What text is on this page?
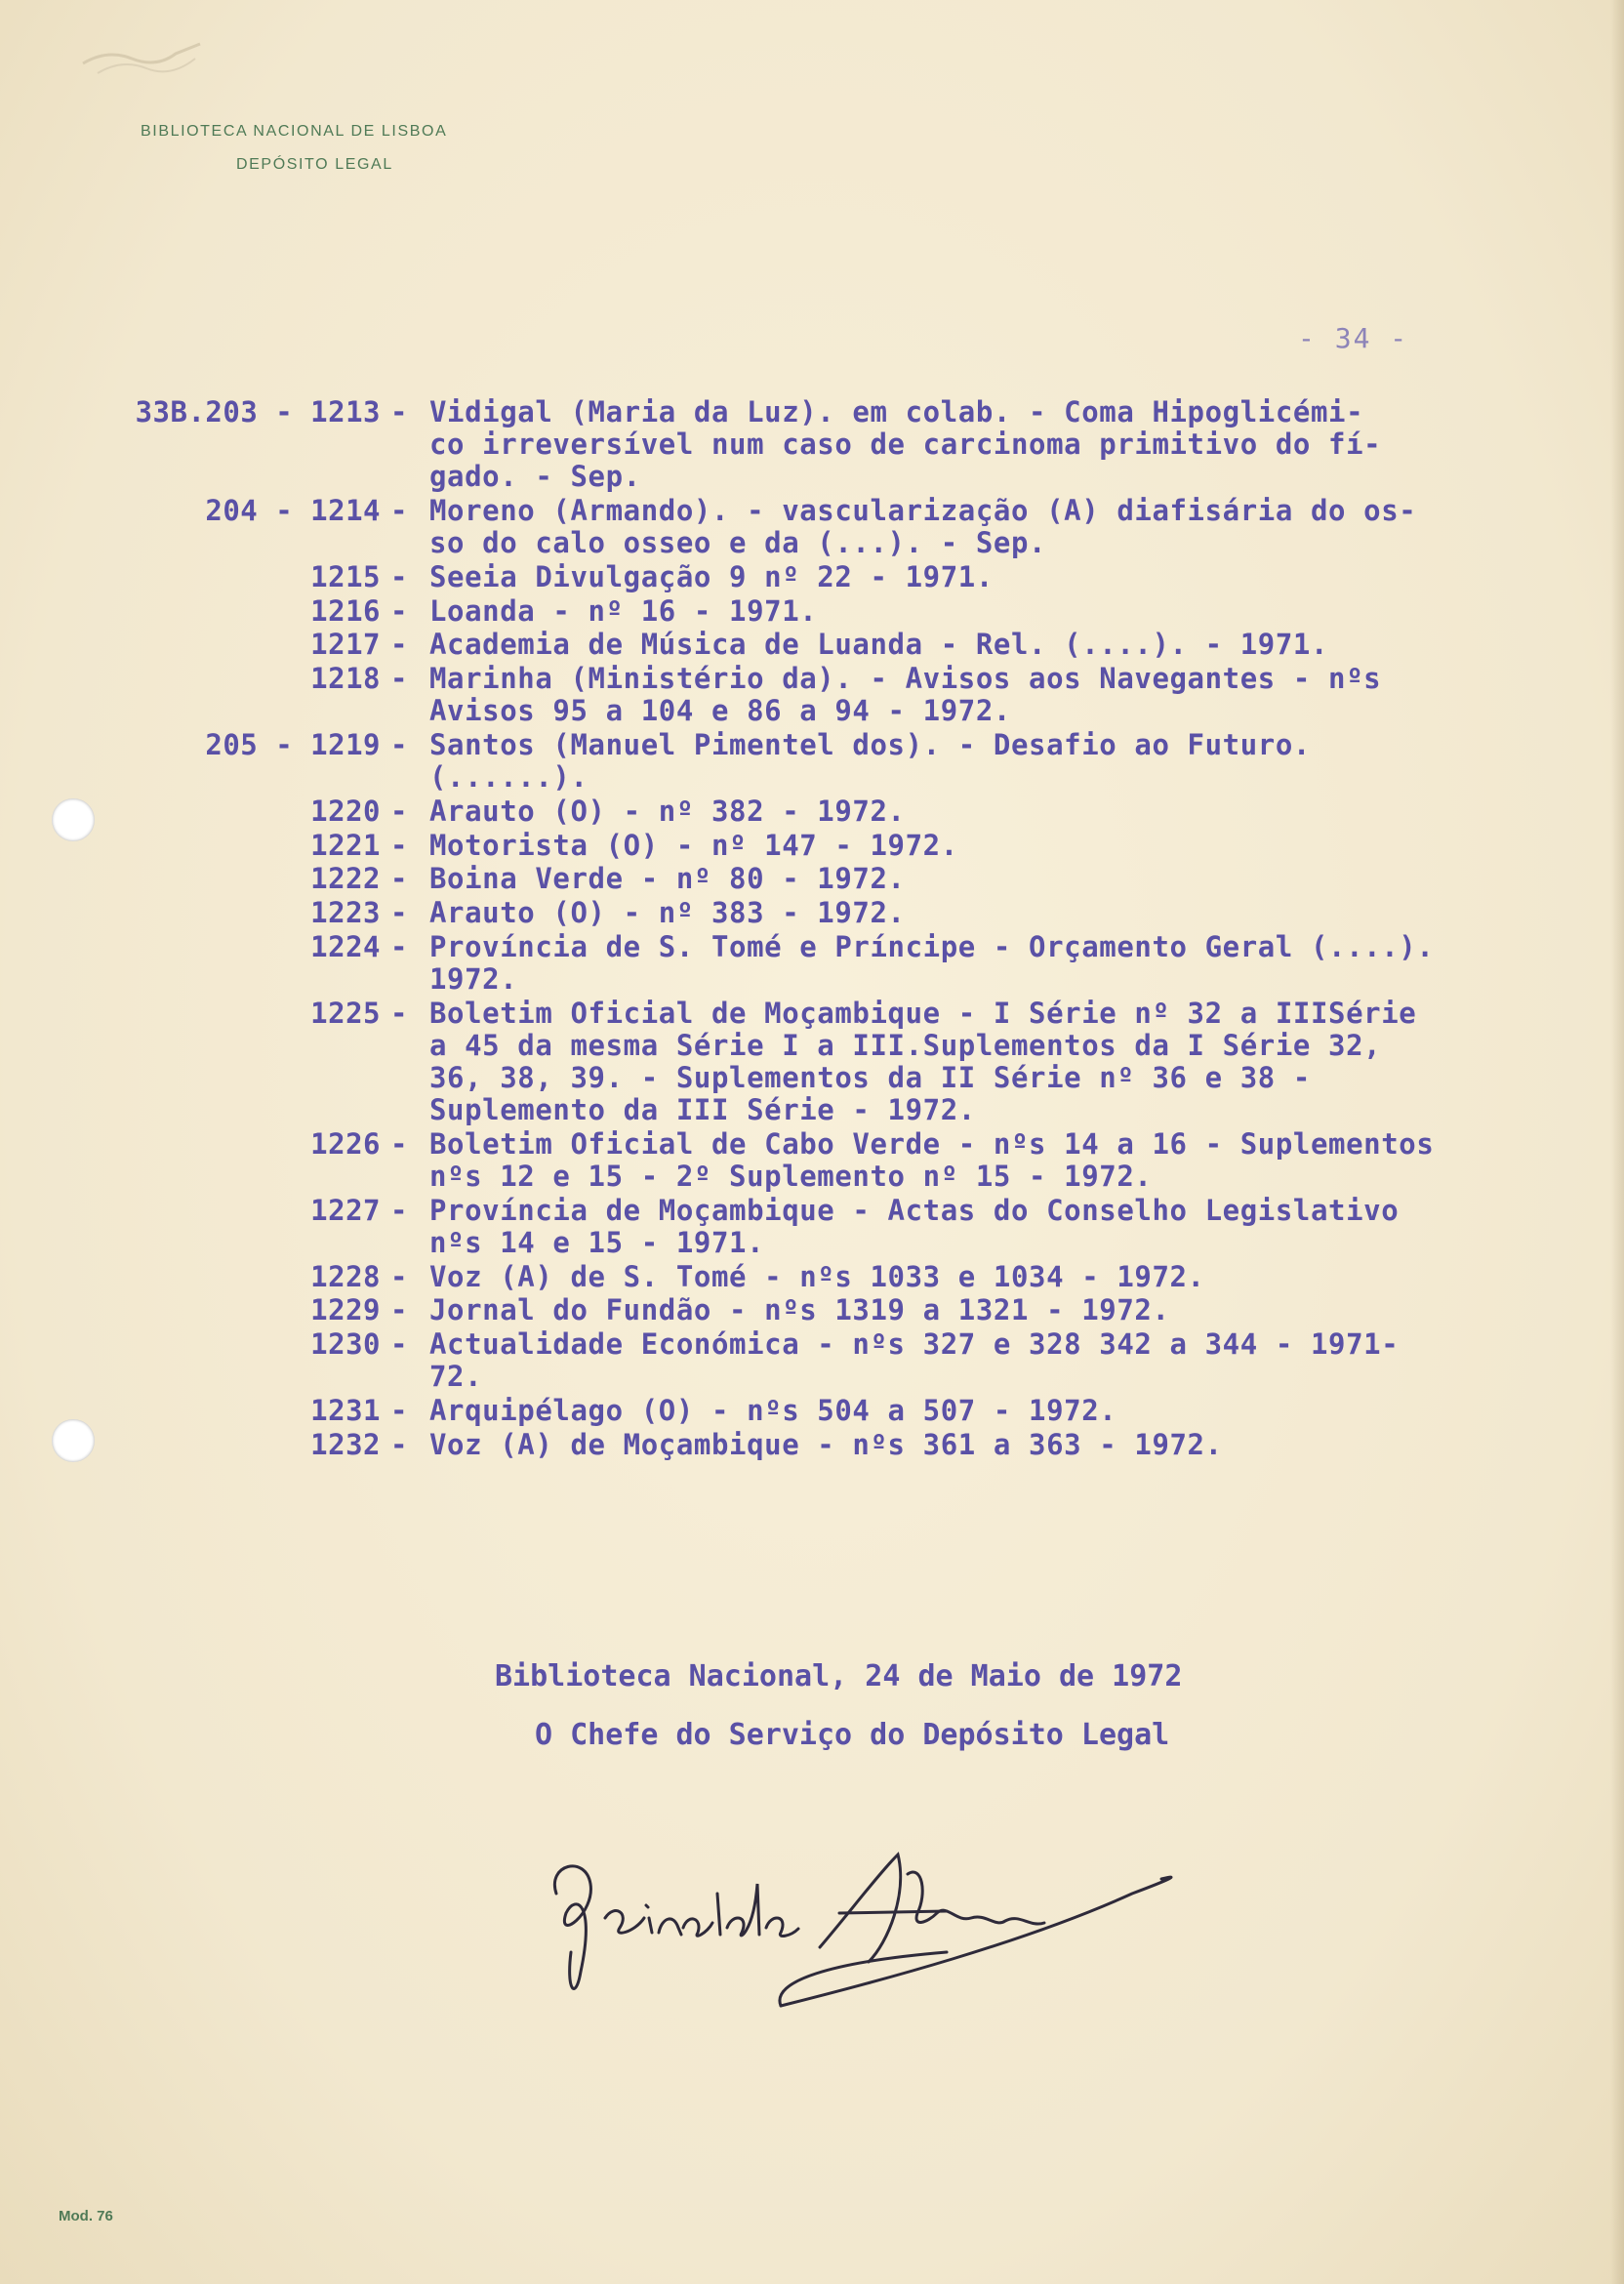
BIBLIOTECA NACIONAL DE LISBOA
DEPÓSITO LEGAL
- 34 -
33B.203 - 1213 - Vidigal (Maria da Luz). em colab. - Coma Hipoglicémi-
co irreversível num caso de carcinoma primitivo do fí-
gado. - Sep.
204 - 1214 - Moreno (Armando). - vascularização (A) diafisária do os-
so do calo osseo e da (...). - Sep.
1215 - Seeia Divulgação 9 nº 22 - 1971.
1216 - Loanda - nº 16 - 1971.
1217 - Academia de Música de Luanda - Rel. (....). - 1971.
1218 - Marinha (Ministério da). - Avisos aos Navegantes - nºs
Avisos 95 a 104 e 86 a 94 - 1972.
205 - 1219 - Santos (Manuel Pimentel dos). - Desafio ao Futuro.
(......).
1220 - Arauto (O) - nº 382 - 1972.
1221 - Motorista (O) - nº 147 - 1972.
1222 - Boina Verde - nº 80 - 1972.
1223 - Arauto (O) - nº 383 - 1972.
1224 - Província de S. Tomé e Príncipe - Orçamento Geral (....).
1972.
1225 - Boletim Oficial de Moçambique - I Série nº 32 a IIISérie
a 45 da mesma Série I a III.Suplementos da I Série 32,
36, 38, 39. - Suplementos da II Série nº 36 e 38 -
Suplemento da III Série - 1972.
1226 - Boletim Oficial de Cabo Verde - nºs 14 a 16 - Suplementos
nºs 12 e 15 - 2º Suplemento nº 15 - 1972.
1227 - Província de Moçambique - Actas do Conselho Legislativo
nºs 14 e 15 - 1971.
1228 - Voz (A) de S. Tomé - nºs 1033 e 1034 - 1972.
1229 - Jornal do Fundão - nºs 1319 a 1321 - 1972.
1230 - Actualidade Económica - nºs 327 e 328 342 a 344 - 1971-
72.
1231 - Arquipélago (O) - nºs 504 a 507 - 1972.
1232 - Voz (A) de Moçambique - nºs 361 a 363 - 1972.
Biblioteca Nacional, 24 de Maio de 1972
O Chefe do Serviço do Depósito Legal
Mod. 76
